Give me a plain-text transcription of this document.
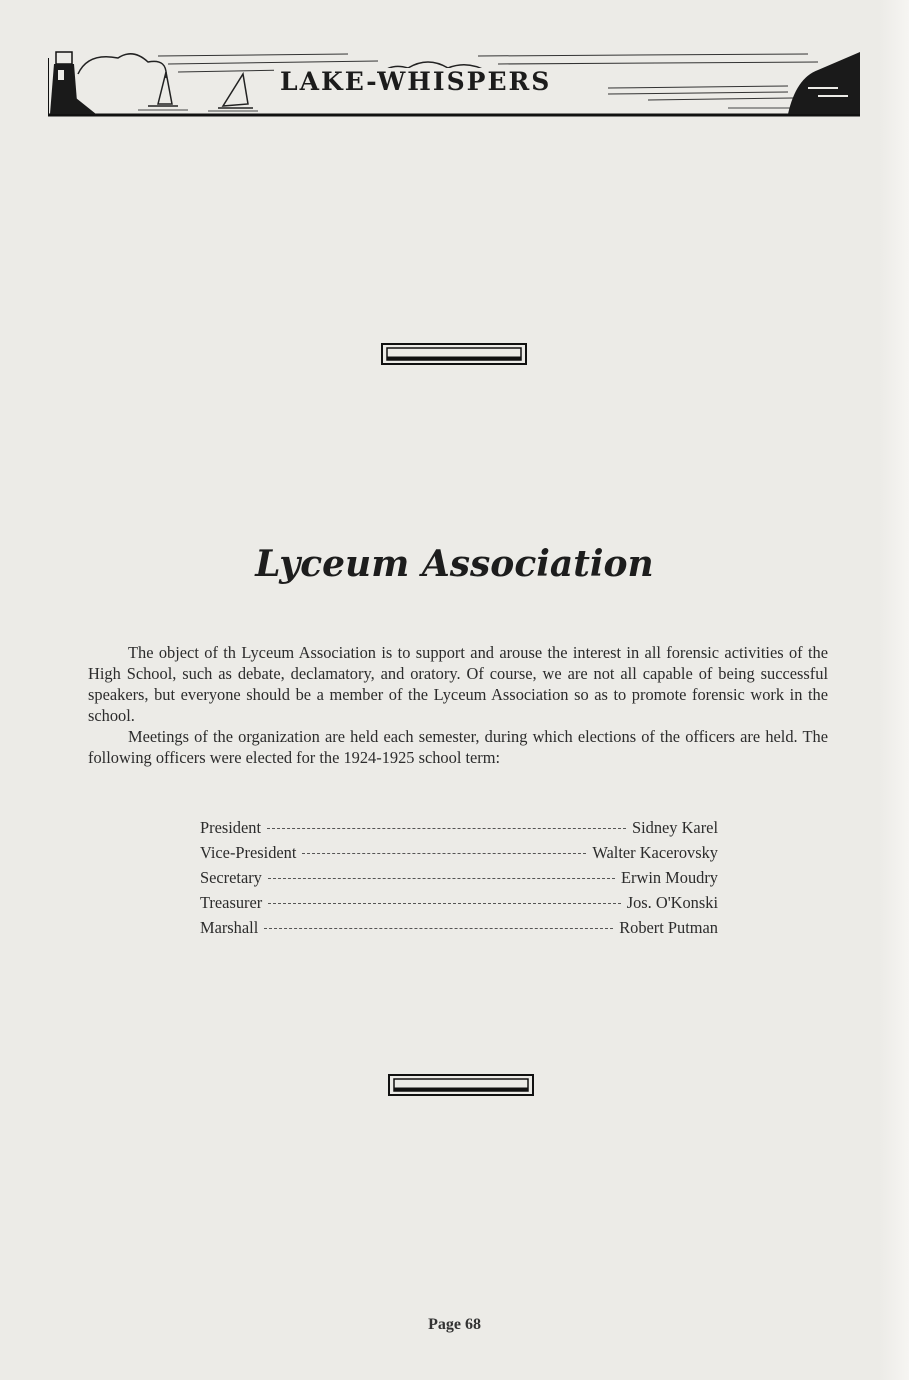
LAKE-WHISPERS
Lyceum Association

The object of th Lyceum Association is to support and arouse the interest in all forensic activities of the High School, such as debate, declamatory, and oratory. Of course, we are not all capable of being successful speakers, but everyone should be a member of the Lyceum Association so as to promote forensic work in the school.

Meetings of the organization are held each semester, during which elections of the officers are held. The following officers were elected for the 1924-1925 school term:

President	Sidney Karel
Vice-President	Walter Kacerovsky
Secretary	Erwin Moudry
Treasurer	Jos. O'Konski
Marshall	Robert Putman
Page 68
